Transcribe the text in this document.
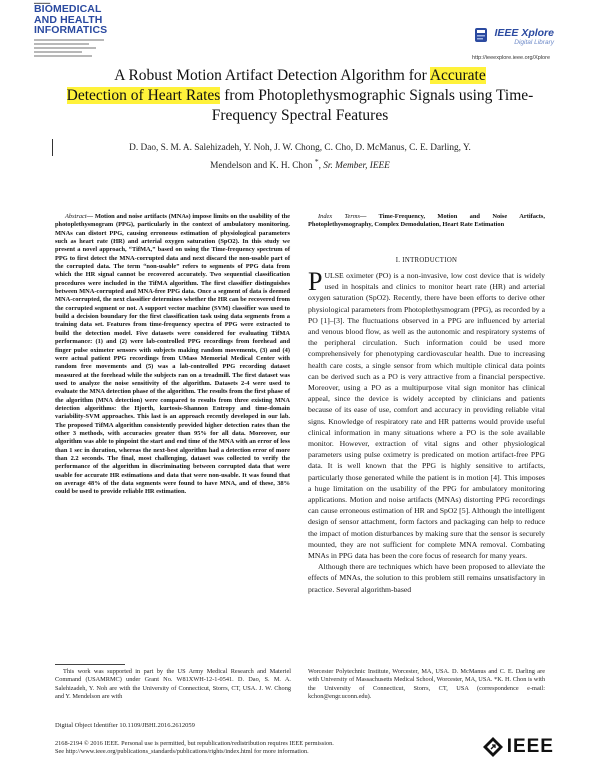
▂▂▂▂▂▂
BIOMEDICAL
AND HEALTH
INFORMATICS	IEEE Xplore
Digital Library
http://ieeexplore.ieee.org/Xplore
A Robust Motion Artifact Detection Algorithm for Accurate
Detection of Heart Rates from Photoplethysmographic Signals using Time-Frequency Spectral Features
D. Dao, S. M. A. Salehizadeh, Y. Noh, J. W. Chong, C. Cho, D. McManus, C. E. Darling, Y.
Mendelson and K. H. Chon *, Sr. Member, IEEE
Abstract— Motion and noise artifacts (MNAs) impose limits on the usability of the photoplethysmogram (PPG), particularly in the context of ambulatory monitoring. MNAs can distort PPG, causing erroneous estimation of physiological parameters such as heart rate (HR) and arterial oxygen saturation (SpO2). In this study we present a novel approach, “TifMA,” based on using the Time-frequency spectrum of PPG to first detect the MNA-corrupted data and next discard the non-usable part of the corrupted data. The term “non-usable” refers to segments of PPG data from which the HR signal cannot be recovered accurately. Two sequential classification procedures were included in the TifMA algorithm. The first classifier distinguishes between MNA-corrupted and MNA-free PPG data. Once a segment of data is deemed MNA-corrupted, the next classifier determines whether the HR can be recovered from the corrupted segment or not. A support vector machine (SVM) classifier was used to build a decision boundary for the first classification task using data segments from a training data set. Features from time-frequency spectra of PPG were extracted to build the detection model. Five datasets were considered for evaluating TifMA performance: (1) and (2) were lab-controlled PPG recordings from forehead and finger pulse oximeter sensors with subjects making random movements, (3) and (4) were actual patient PPG recordings from UMass Memorial Medical Center with random free movements and (5) was a lab-controlled PPG recording dataset measured at the forehead while the subjects ran on a treadmill. The first dataset was used to analyze the noise sensitivity of the algorithm. Datasets 2-4 were used to evaluate the MNA detection phase of the algorithm. The results from the first phase of the algorithm (MNA detection) were compared to results from three existing MNA detection algorithms: the Hjorth, kurtosis-Shannon Entropy and time-domain variability-SVM approaches. This last is an approach recently developed in our lab. The proposed TifMA algorithm consistently provided higher detection rates than the other 3 methods, with accuracies greater than 95% for all data. Moreover, our algorithm was able to pinpoint the start and end time of the MNA with an error of less than 1 sec in duration, whereas the next-best algorithm had a detection error of more than 2.2 seconds. The final, most challenging, dataset was collected to verify the performance of the algorithm in discriminating between corrupted data that were usable for accurate HR estimations and data that were non-usable. It was found that on average 48% of the data segments were found to have MNA, and of these, 38% could be used to provide reliable HR estimation.
Index Terms— Time-Frequency, Motion and Noise Artifacts, Photoplethysmography, Complex Demodulation, Heart Rate Estimation
I. INTRODUCTION

PULSE oximeter (PO) is a non-invasive, low cost device that is widely used in hospitals and clinics to monitor heart rate (HR) and arterial oxygen saturation (SpO2). Recently, there have been efforts to derive other physiological parameters from Photoplethysmogram (PPG), as recorded by a PO [1]–[3]. The fluctuations observed in a PPG are influenced by arterial and venous blood flow, as well as the autonomic and respiratory systems of the peripheral circulation. Such information could be used more comprehensively for phenotyping cardiovascular health. Due to increasing health care costs, a single sensor from which multiple clinical data points can be derived such as a PO is very attractive from a financial perspective. Moreover, using a PO as a multipurpose vital sign monitor has clinical appeal, since the device is widely accepted by clinicians and patients because of its ease of use, comfort and accuracy in providing reliable vital signs. Knowledge of respiratory rate and HR patterns would provide useful clinical information in many situations where a PO is the sole available monitor. However, extraction of vital signs and other physiological parameters using pulse oximetry is predicated on motion artifact-free PPG data. It is well known that the PPG is highly sensitive to artifacts, particularly those generated while the patient is in motion [4]. This imposes a huge limitation on the usability of the PPG for ambulatory monitoring applications. Motion and noise artifacts (MNAs) distorting PPG recordings can cause erroneous estimation of HR and SpO2 [5]. Although the intelligent design of sensor attachment, form factors and packaging can help to reduce the impact of motion disturbances by making sure that the sensor is securely mounted, they are not sufficient for complete MNA removal. Combating MNAs in PPG data has been the core focus of research for many years.

Although there are techniques which have been proposed to alleviate the effects of MNAs, the solution to this problem still remains unsatisfactory in practice. Several algorithm-based

This work was supported in part by the US Army Medical Research and Materiel Command (USAMRMC) under Grant No. W81XWH-12-1-0541. D. Dao, S. M. A. Salehizadeh, Y. Noh are with the University of Connecticut, Storrs, CT, USA. J. W. Chong and Y. Mendelson are with
Worcester Polytechnic Institute, Worcester, MA, USA. D. McManus and C. E. Darling are with University of Massachusetts Medical School, Worcester, MA, USA. *K. H. Chon is with the University of Connecticut, Storrs, CT, USA (correspondence e-mail: kchon@engr.uconn.edu).
Digital Object Identifier 10.1109/JBHI.2016.2612059
2168-2194 © 2016 IEEE. Personal use is permitted, but republication/redistribution requires IEEE permission.
See http://www.ieee.org/publications_standards/publications/rights/index.html for more information.	IEEE
